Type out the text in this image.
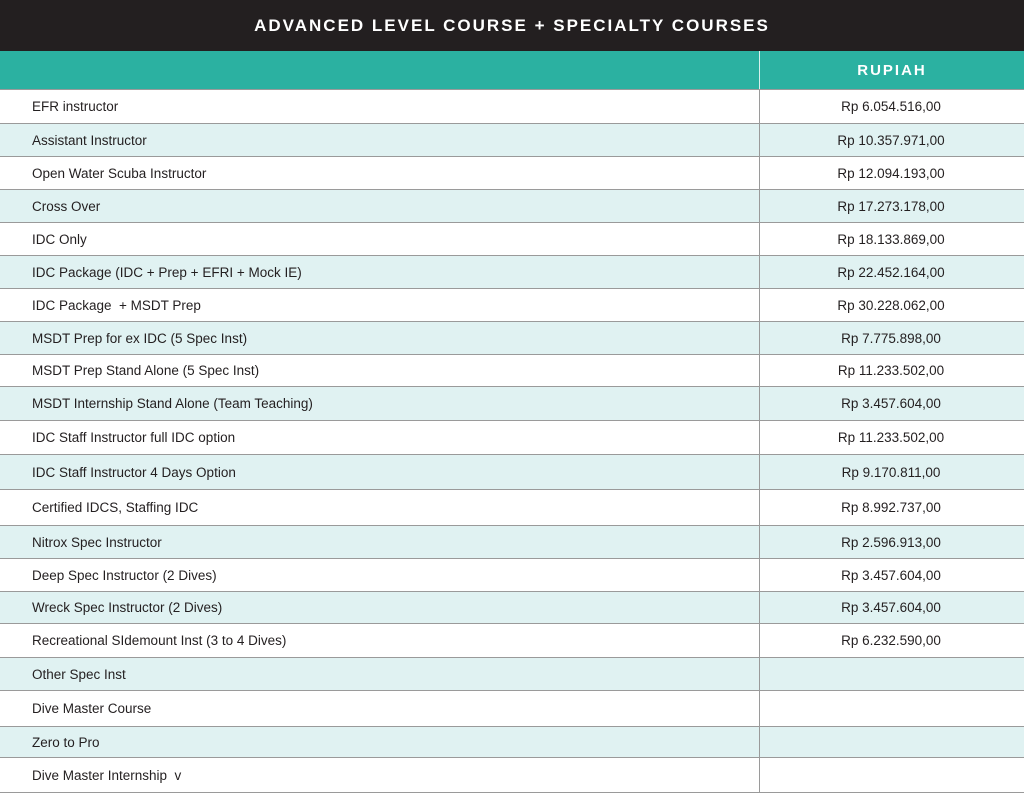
ADVANCED LEVEL COURSE + SPECIALTY COURSES
RUPIAH
EFR instructor	Rp 6.054.516,00
Assistant Instructor	Rp 10.357.971,00
Open Water Scuba Instructor	Rp 12.094.193,00
Cross Over	Rp 17.273.178,00
IDC Only	Rp 18.133.869,00
IDC Package (IDC + Prep + EFRI + Mock IE)	Rp 22.452.164,00
IDC Package  + MSDT Prep	Rp 30.228.062,00
MSDT Prep for ex IDC (5 Spec Inst)	Rp 7.775.898,00
MSDT Prep Stand Alone (5 Spec Inst)	Rp 11.233.502,00
MSDT Internship Stand Alone (Team Teaching)	Rp 3.457.604,00
IDC Staff Instructor full IDC option	Rp 11.233.502,00
IDC Staff Instructor 4 Days Option	Rp 9.170.811,00
Certified IDCS, Staffing IDC	Rp 8.992.737,00
Nitrox Spec Instructor	Rp 2.596.913,00
Deep Spec Instructor (2 Dives)	Rp 3.457.604,00
Wreck Spec Instructor (2 Dives)	Rp 3.457.604,00
Recreational SIdemount Inst (3 to 4 Dives)	Rp 6.232.590,00
Other Spec Inst
Dive Master Course
Zero to Pro
Dive Master Internship  v
